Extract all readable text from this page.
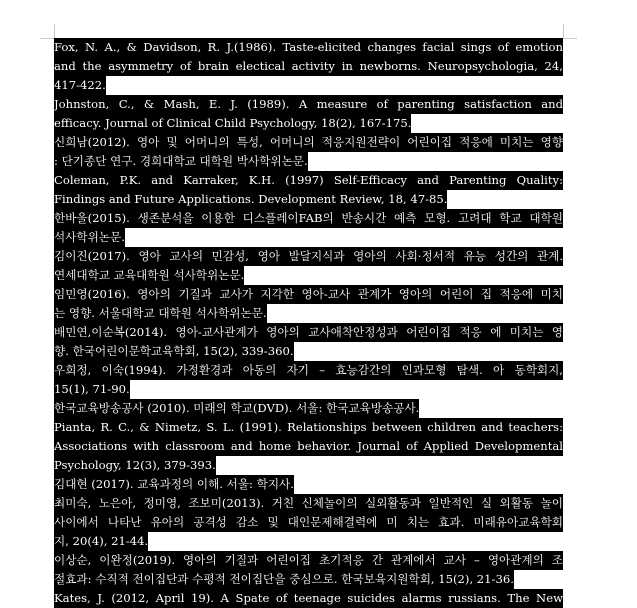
Fox, N. A., & Davidson, R. J.(1986). Taste-elicited changes facial sings of emotion
and the asymmetry of brain electical activity in newborns. Neuropsychologia, 24,
417-422.
Johnston, C., & Mash, E. J. (1989). A measure of parenting satisfaction and
efficacy. Journal of Clinical Child Psychology, 18(2), 167-175.
신희남(2012). 영아 및 어머니의 특성, 어머니의 적응지원전략이 어린이집 적응에 미치는 영향
: 단기종단 연구. 경희대학교 대학원 박사학위논문.
Coleman, P.K. and Karraker, K.H. (1997) Self-Efficacy and Parenting Quality:
Findings and Future Applications. Development Review, 18, 47-85.
한바울(2015). 생존분석을 이용한 디스플레이FAB의 반송시간 예측 모형. 고려대 학교 대학원
석사학위논문.
김이진(2017). 영아 교사의 민감성, 영아 발달지식과 영아의 사회·정서적 유능 성간의 관계.
연세대학교 교육대학원 석사학위논문.
임민영(2016). 영아의 기질과 교사가 지각한 영아-교사 관계가 영아의 어린이 집 적응에 미치
는 영향. 서울대학교 대학원 석사학위논문.
배민연,이순복(2014). 영아-교사관계가 영아의 교사애착안정성과 어린이집 적응 에 미치는 영
향. 한국어린이문학교육학회, 15(2), 339-360.
우희정, 이숙(1994). 가정환경과 아동의 자기 – 효능감간의 인과모형 탐색. 아 동학회지,
15(1), 71-90.
한국교육방송공사 (2010). 미래의 학교(DVD). 서울: 한국교육방송공사.
Pianta, R. C., & Nimetz, S. L. (1991). Relationships between children and teachers:
Associations with classroom and home behavior. Journal of Applied Developmental
Psychology, 12(3), 379-393.
김대현 (2017). 교육과정의 이해. 서울: 학지사.
최미숙, 노은아, 정미영, 조보미(2013). 거친 신체놀이의 실외활동과 일반적인 실 외활동 놀이
사이에서 나타난 유아의 공격성 감소 및 대인문제해결력에 미 치는 효과. 미래유아교육학회
지, 20(4), 21-44.
이상순, 이완정(2019). 영아의 기질과 어린이집 초기적응 간 관계에서 교사 – 영아관계의 조
절효과: 수직적 전이집단과 수평적 전이집단을 중심으로. 한국보육지원학회, 15(2), 21-36.
Kates, J. (2012, April 19). A Spate of teenage suicides alarms russians. The New
